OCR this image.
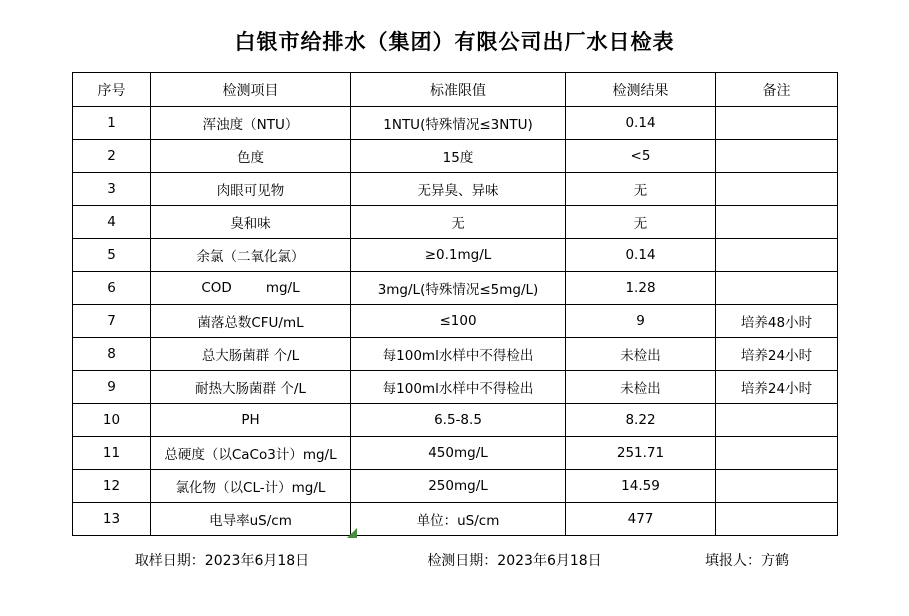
白银市给排水（集团）有限公司出厂水日检表
序号	检测项目	标准限值	检测结果	备注
1	浑浊度（NTU）	1NTU(特殊情况≤3NTU)	0.14	
2	色度	15度	<5	
3	肉眼可见物	无异臭、异味	无	
4	臭和味	无	无	
5	余氯（二氧化氯）	≥0.1mg/L	0.14	
6	COD mg/L	3mg/L(特殊情况≤5mg/L)	1.28	
7	菌落总数CFU/mL	≤100	9	培养48小时
8	总大肠菌群 个/L	每100ml水样中不得检出	未检出	培养24小时
9	耐热大肠菌群 个/L	每100ml水样中不得检出	未检出	培养24小时
10	PH	6.5-8.5	8.22	
11	总硬度（以CaCo3计）mg/L	450mg/L	251.71	
12	氯化物（以CL-计）mg/L	250mg/L	14.59	
13	电导率uS/cm	单位：uS/cm	477	
取样日期：2023年6月18日	检测日期：2023年6月18日	填报人：方鹤
